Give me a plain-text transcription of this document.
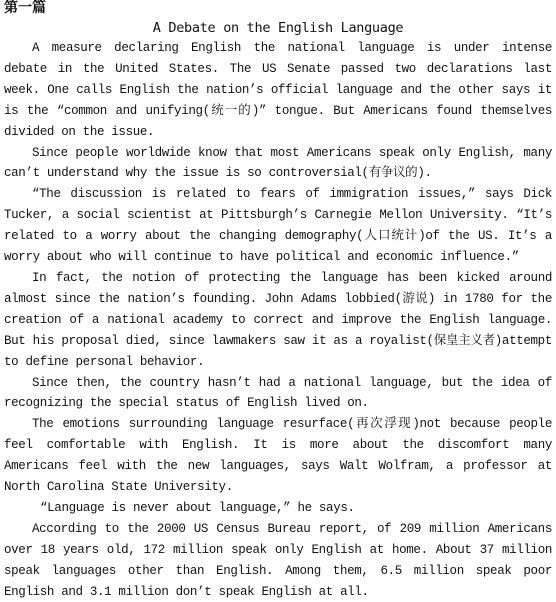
第一篇
A Debate on the English Language

A measure declaring English the national language is under intense debate in the United States. The US Senate passed two declarations last week. One calls English the nation’s official language and the other says it is the “common and unifying(统一的)” tongue. But Americans found themselves divided on the issue.

Since people worldwide know that most Americans speak only English, many can’t understand why the issue is so controversial(有争议的).

“The discussion is related to fears of immigration issues,” says Dick Tucker, a social scientist at Pittsburgh’s Carnegie Mellon University. “It’s related to a worry about the changing demography(人口统计)of the US. It’s a worry about who will continue to have political and economic influence.”

In fact, the notion of protecting the language has been kicked around almost since the nation’s founding. John Adams lobbied(游说) in 1780 for the creation of a national academy to correct and improve the English language. But his proposal died, since lawmakers saw it as a royalist(保皇主义者)attempt to define personal behavior.

Since then, the country hasn’t had a national language, but the idea of recognizing the special status of English lived on.

The emotions surrounding language resurface(再次浮现)not because people feel comfortable with English. It is more about the discomfort many Americans feel with the new languages, says Walt Wolfram, a professor at North Carolina State University.

“Language is never about language,” he says.

According to the 2000 US Census Bureau report, of 209 million Americans over 18 years old, 172 million speak only English at home. About 37 million speak languages other than English. Among them, 6.5 million speak poor English and 3.1 million don’t speak English at all.
